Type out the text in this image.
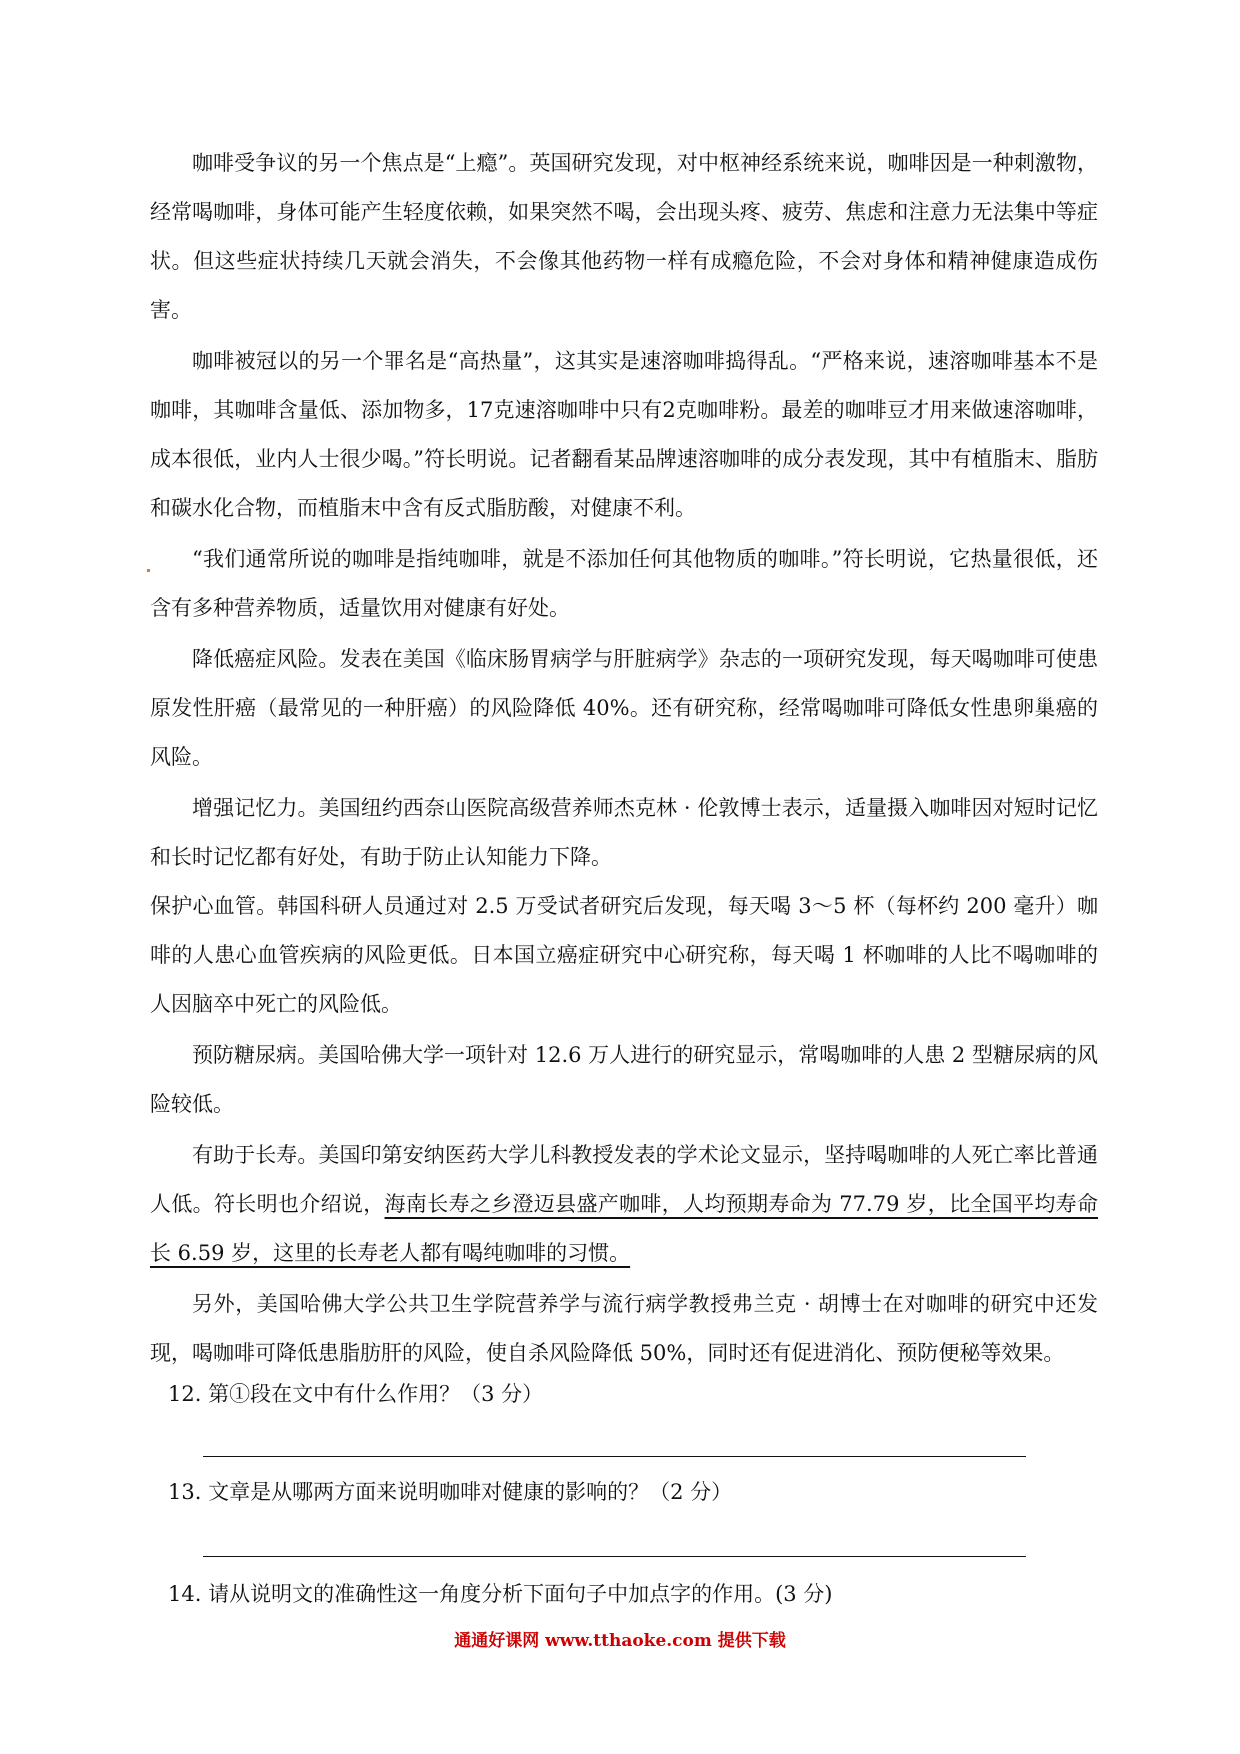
咖啡受争议的另一个焦点是“上瘾”。英国研究发现，对中枢神经系统来说，咖啡因是一种刺激物，经常喝咖啡，身体可能产生轻度依赖，如果突然不喝，会出现头疼、疲劳、焦虑和注意力无法集中等症状。但这些症状持续几天就会消失，不会像其他药物一样有成瘾危险，不会对身体和精神健康造成伤害。

咖啡被冠以的另一个罪名是“高热量”，这其实是速溶咖啡捣得乱。“严格来说，速溶咖啡基本不是咖啡，其咖啡含量低、添加物多，17克速溶咖啡中只有2克咖啡粉。最差的咖啡豆才用来做速溶咖啡，成本很低，业内人士很少喝。”符长明说。记者翻看某品牌速溶咖啡的成分表发现，其中有植脂末、脂肪和碳水化合物，而植脂末中含有反式脂肪酸，对健康不利。

“我们通常所说的咖啡是指纯咖啡，就是不添加任何其他物质的咖啡。”符长明说，它热量很低，还含有多种营养物质，适量饮用对健康有好处。

降低癌症风险。发表在美国《临床肠胃病学与肝脏病学》杂志的一项研究发现，每天喝咖啡可使患原发性肝癌（最常见的一种肝癌）的风险降低 40%。还有研究称，经常喝咖啡可降低女性患卵巢癌的风险。

增强记忆力。美国纽约西奈山医院高级营养师杰克林 · 伦敦博士表示，适量摄入咖啡因对短时记忆和长时记忆都有好处，有助于防止认知能力下降。

保护心血管。韩国科研人员通过对 2.5 万受试者研究后发现，每天喝 3～5 杯（每杯约 200 毫升）咖啡的人患心血管疾病的风险更低。日本国立癌症研究中心研究称，每天喝 1 杯咖啡的人比不喝咖啡的人因脑卒中死亡的风险低。

预防糖尿病。美国哈佛大学一项针对 12.6 万人进行的研究显示，常喝咖啡的人患 2 型糖尿病的风险较低。

有助于长寿。美国印第安纳医药大学儿科教授发表的学术论文显示，坚持喝咖啡的人死亡率比普通人低。符长明也介绍说，海南长寿之乡澄迈县盛产咖啡，人均预期寿命为 77.79 岁，比全国平均寿命长 6.59 岁，这里的长寿老人都有喝纯咖啡的习惯。

另外，美国哈佛大学公共卫生学院营养学与流行病学教授弗兰克 · 胡博士在对咖啡的研究中还发现，喝咖啡可降低患脂肪肝的风险，使自杀风险降低 50%，同时还有促进消化、预防便秘等效果。

12. 第①段在文中有什么作用？（3 分）
13. 文章是从哪两方面来说明咖啡对健康的影响的？（2 分）
14. 请从说明文的准确性这一角度分析下面句子中加点字的作用。(3 分)
通通好课网 www.tthaoke.com 提供下载
